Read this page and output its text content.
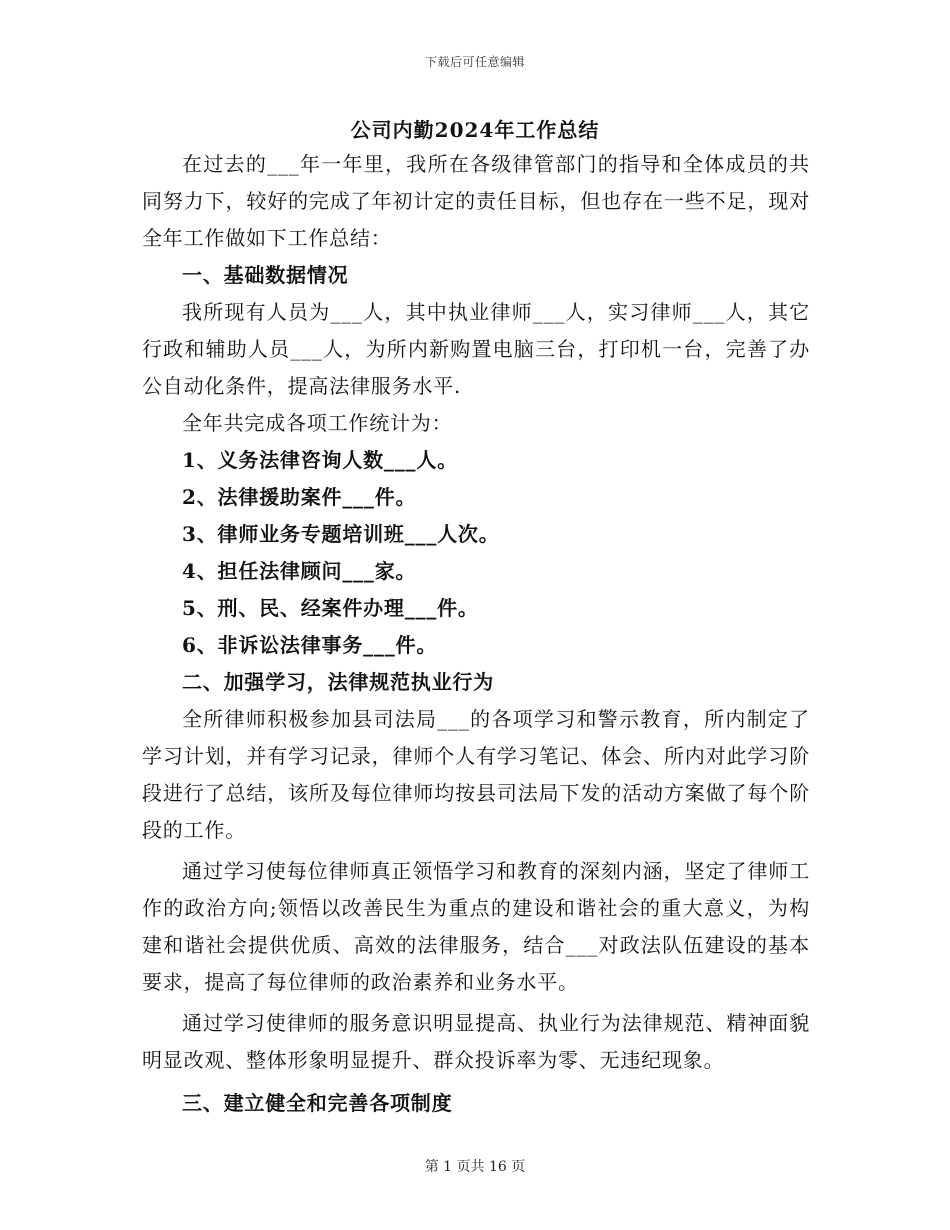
下载后可任意编辑
公司内勤2024年工作总结

在过去的___年一年里，我所在各级律管部门的指导和全体成员的共同努力下，较好的完成了年初计定的责任目标，但也存在一些不足，现对全年工作做如下工作总结：

一、基础数据情况

我所现有人员为___人，其中执业律师___人，实习律师___人，其它行政和辅助人员___人，为所内新购置电脑三台，打印机一台，完善了办公自动化条件，提高法律服务水平.

全年共完成各项工作统计为：

1、义务法律咨询人数___人。

2、法律援助案件___件。

3、律师业务专题培训班___人次。

4、担任法律顾问___家。

5、刑、民、经案件办理___件。

6、非诉讼法律事务___件。

二、加强学习，法律规范执业行为

全所律师积极参加县司法局___的各项学习和警示教育，所内制定了学习计划，并有学习记录，律师个人有学习笔记、体会、所内对此学习阶段进行了总结，该所及每位律师均按县司法局下发的活动方案做了每个阶段的工作。

通过学习使每位律师真正领悟学习和教育的深刻内涵，坚定了律师工作的政治方向;领悟以改善民生为重点的建设和谐社会的重大意义，为构建和谐社会提供优质、高效的法律服务，结合___对政法队伍建设的基本要求，提高了每位律师的政治素养和业务水平。

通过学习使律师的服务意识明显提高、执业行为法律规范、精神面貌明显改观、整体形象明显提升、群众投诉率为零、无违纪现象。

三、建立健全和完善各项制度

第 1 页共 16 页
